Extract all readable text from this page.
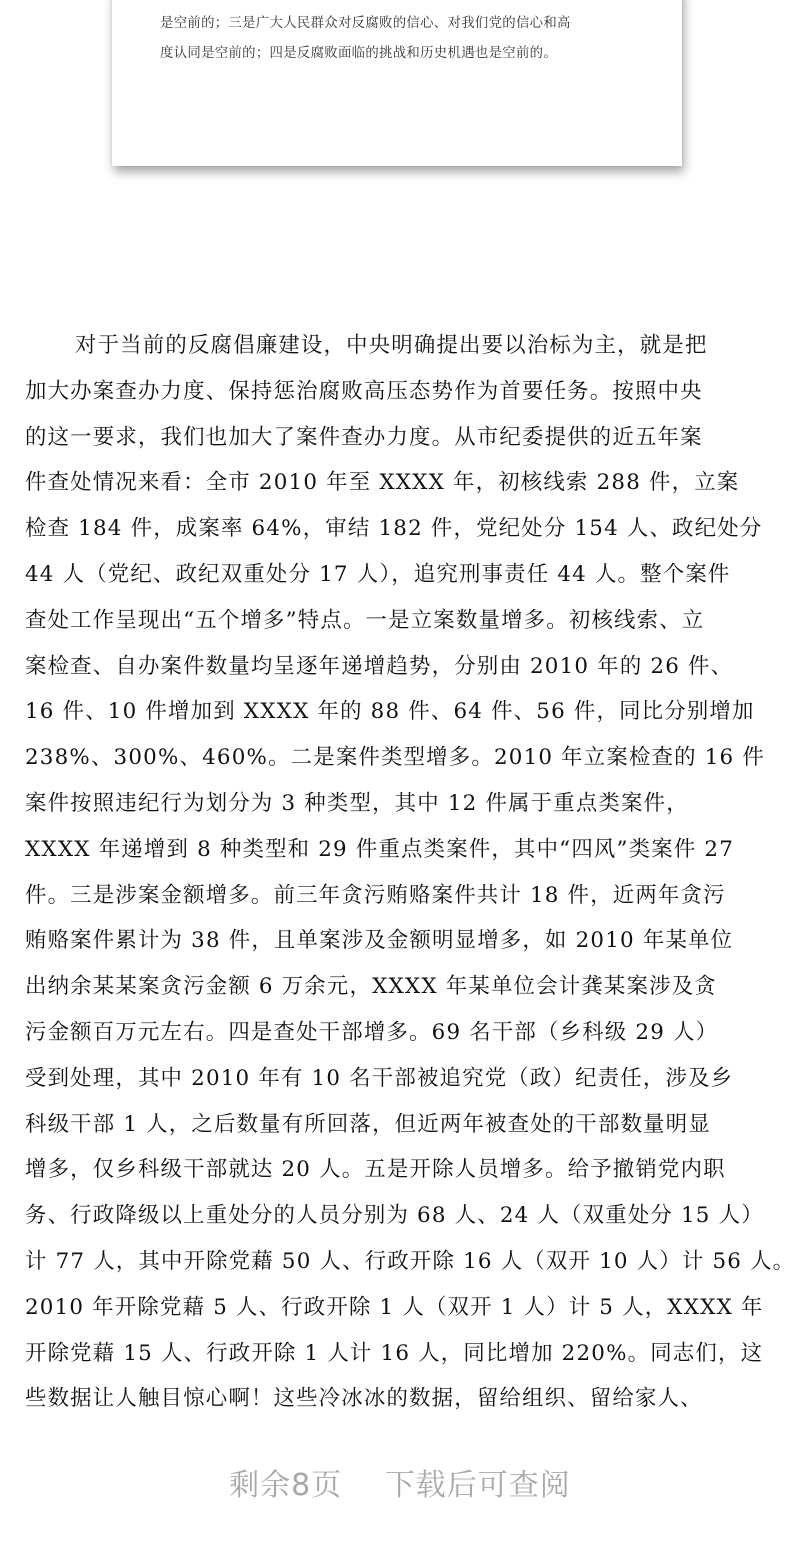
是空前的；三是广大人民群众对反腐败的信心、对我们党的信心和高
度认同是空前的；四是反腐败面临的挑战和历史机遇也是空前的。
对于当前的反腐倡廉建设，中央明确提出要以治标为主，就是把
加大办案查办力度、保持惩治腐败高压态势作为首要任务。按照中央
的这一要求，我们也加大了案件查办力度。从市纪委提供的近五年案
件查处情况来看：全市 2010 年至 XXXX 年，初核线索 288 件，立案
检查 184 件，成案率 64%，审结 182 件，党纪处分 154 人、政纪处分
44 人（党纪、政纪双重处分 17 人），追究刑事责任 44 人。整个案件
查处工作呈现出“五个增多”特点。一是立案数量增多。初核线索、立
案检查、自办案件数量均呈逐年递增趋势，分别由 2010 年的 26 件、
16 件、10 件增加到 XXXX 年的 88 件、64 件、56 件，同比分别增加
238%、300%、460%。二是案件类型增多。2010 年立案检查的 16 件
案件按照违纪行为划分为 3 种类型，其中 12 件属于重点类案件，
XXXX 年递增到 8 种类型和 29 件重点类案件，其中“四风”类案件 27
件。三是涉案金额增多。前三年贪污贿赂案件共计 18 件，近两年贪污
贿赂案件累计为 38 件，且单案涉及金额明显增多，如 2010 年某单位
出纳余某某案贪污金额 6 万余元，XXXX 年某单位会计龚某案涉及贪
污金额百万元左右。四是查处干部增多。69 名干部（乡科级 29 人）
受到处理，其中 2010 年有 10 名干部被追究党（政）纪责任，涉及乡
科级干部 1 人，之后数量有所回落，但近两年被查处的干部数量明显
增多，仅乡科级干部就达 20 人。五是开除人员增多。给予撤销党内职
务、行政降级以上重处分的人员分别为 68 人、24 人（双重处分 15 人）
计 77 人，其中开除党藉 50 人、行政开除 16 人（双开 10 人）计 56 人。
2010 年开除党藉 5 人、行政开除 1 人（双开 1 人）计 5 人，XXXX 年
开除党藉 15 人、行政开除 1 人计 16 人，同比增加 220%。同志们，这
些数据让人触目惊心啊！这些冷冰冰的数据，留给组织、留给家人、
剩余8页 下载后可查阅
